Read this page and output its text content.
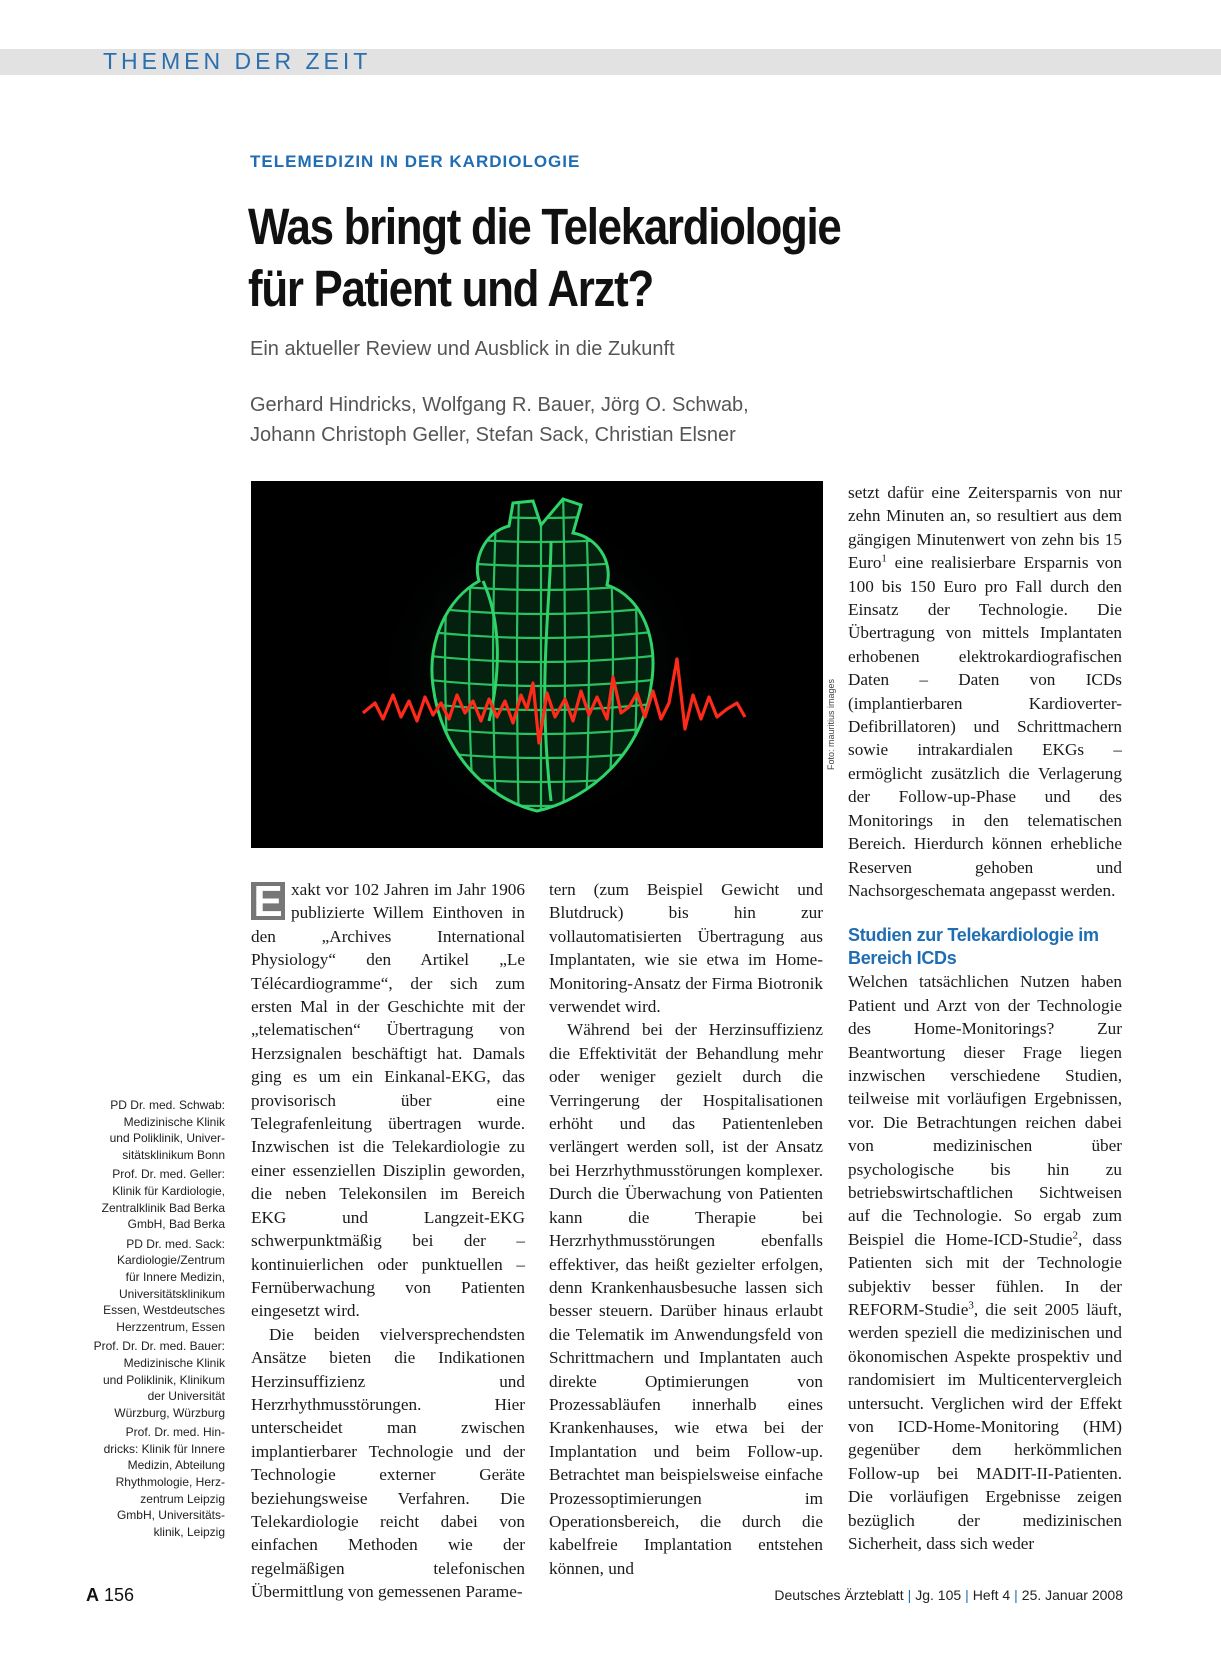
THEMEN DER ZEIT
TELEMEDIZIN IN DER KARDIOLOGIE
Was bringt die Telekardiologie
für Patient und Arzt?
Ein aktueller Review und Ausblick in die Zukunft
Gerhard Hindricks, Wolfgang R. Bauer, Jörg O. Schwab,
Johann Christoph Geller, Stefan Sack, Christian Elsner
Foto: mauritius images

E xakt vor 102 Jahren im Jahr 1906 publizierte Willem Einthoven in den „Archives International Physiology“ den Artikel „Le Télécardiogramme“, der sich zum ersten Mal in der Geschichte mit der „telematischen“ Übertragung von Herzsignalen beschäftigt hat. Damals ging es um ein Einkanal-EKG, das provisorisch über eine Telegrafenleitung übertragen wurde. Inzwischen ist die Telekardiologie zu einer essenziellen Disziplin geworden, die neben Telekonsilen im Bereich EKG und Langzeit-EKG schwerpunktmäßig bei der – kontinuierlichen oder punktuellen – Fernüberwachung von Patienten eingesetzt wird.

Die beiden vielversprechendsten Ansätze bieten die Indikationen Herzinsuffizienz und Herzrhythmusstörungen. Hier unterscheidet man zwischen implantierbarer Technologie und der Technologie externer Geräte beziehungsweise Verfahren. Die Telekardiologie reicht dabei von einfachen Methoden wie der regelmäßigen telefonischen Übermittlung von gemessenen Parame-

tern (zum Beispiel Gewicht und Blutdruck) bis hin zur vollautomatisierten Übertragung aus Implantaten, wie sie etwa im Home-Monitoring-Ansatz der Firma Biotronik verwendet wird.

Während bei der Herzinsuffizienz die Effektivität der Behandlung mehr oder weniger gezielt durch die Verringerung der Hospitalisationen erhöht und das Patientenleben verlängert werden soll, ist der Ansatz bei Herzrhythmusstörungen komplexer. Durch die Überwachung von Patienten kann die Therapie bei Herzrhythmusstörungen ebenfalls effektiver, das heißt gezielter erfolgen, denn Krankenhausbesuche lassen sich besser steuern. Darüber hinaus erlaubt die Telematik im Anwendungsfeld von Schrittmachern und Implantaten auch direkte Optimierungen von Prozessabläufen innerhalb eines Krankenhauses, wie etwa bei der Implantation und beim Follow-up. Betrachtet man beispielsweise einfache Prozessoptimierungen im Operationsbereich, die durch die kabelfreie Implantation entstehen können, und

setzt dafür eine Zeitersparnis von nur zehn Minuten an, so resultiert aus dem gängigen Minutenwert von zehn bis 15 Euro$^1$ eine realisierbare Ersparnis von 100 bis 150 Euro pro Fall durch den Einsatz der Technologie. Die Übertragung von mittels Implantaten erhobenen elektrokardiografischen Daten – Daten von ICDs (implantierbaren Kardioverter-Defibrillatoren) und Schrittmachern sowie intrakardialen EKGs – ermöglicht zusätzlich die Verlagerung der Follow-up-Phase und des Monitorings in den telematischen Bereich. Hierdurch können erhebliche Reserven gehoben und Nachsorgeschemata angepasst werden.

Studien zur Telekardiologie im Bereich ICDs

Welchen tatsächlichen Nutzen haben Patient und Arzt von der Technologie des Home-Monitorings? Zur Beantwortung dieser Frage liegen inzwischen verschiedene Studien, teilweise mit vorläufigen Ergebnissen, vor. Die Betrachtungen reichen dabei von medizinischen über psychologische bis hin zu betriebswirtschaftlichen Sichtweisen auf die Technologie. So ergab zum Beispiel die Home-ICD-Studie$^2$, dass Patienten sich mit der Technologie subjektiv besser fühlen. In der REFORM-Studie$^3$, die seit 2005 läuft, werden speziell die medizinischen und ökonomischen Aspekte prospektiv und randomisiert im Multicentervergleich untersucht. Verglichen wird der Effekt von ICD-Home-Monitoring (HM) gegenüber dem herkömmlichen Follow-up bei MADIT-II-Patienten. Die vorläufigen Ergebnisse zeigen bezüglich der medizinischen Sicherheit, dass sich weder

PD Dr. med. Schwab:
Medizinische Klinik
und Poliklinik, Univer-
sitätsklinikum Bonn
Prof. Dr. med. Geller:
Klinik für Kardiologie,
Zentralklinik Bad Berka
GmbH, Bad Berka
PD Dr. med. Sack:
Kardiologie/Zentrum
für Innere Medizin,
Universitätsklinikum
Essen, Westdeutsches
Herzzentrum, Essen
Prof. Dr. Dr. med. Bauer:
Medizinische Klinik
und Poliklinik, Klinikum
der Universität
Würzburg, Würzburg
Prof. Dr. med. Hin-
dricks: Klinik für Innere
Medizin, Abteilung
Rhythmologie, Herz-
zentrum Leipzig
GmbH, Universitäts-
klinik, Leipzig
A 156	Deutsches Ärzteblatt | Jg. 105 | Heft 4 | 25. Januar 2008
